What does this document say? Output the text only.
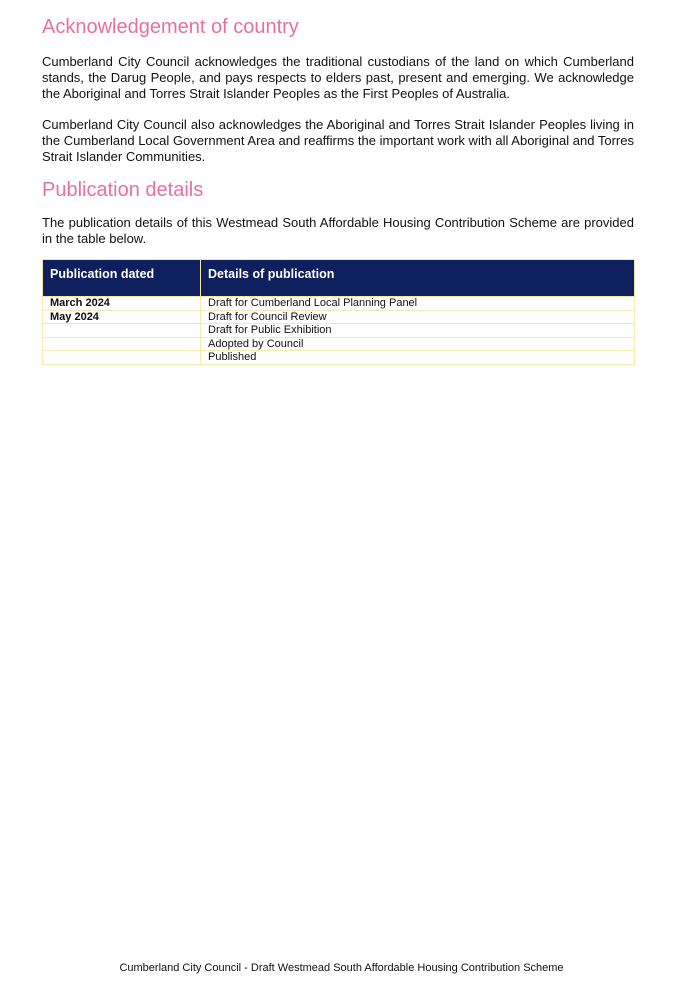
Acknowledgement of country

Cumberland City Council acknowledges the traditional custodians of the land on which Cumberland stands, the Darug People, and pays respects to elders past, present and emerging. We acknowledge the Aboriginal and Torres Strait Islander Peoples as the First Peoples of Australia.

Cumberland City Council also acknowledges the Aboriginal and Torres Strait Islander Peoples living in the Cumberland Local Government Area and reaffirms the important work with all Aboriginal and Torres Strait Islander Communities.

Publication details

The publication details of this Westmead South Affordable Housing Contribution Scheme are provided in the table below.

Publication dated	Details of publication
March 2024	Draft for Cumberland Local Planning Panel
May 2024	Draft for Council Review
	Draft for Public Exhibition
	Adopted by Council
	Published
Cumberland City Council - Draft Westmead South Affordable Housing Contribution Scheme
